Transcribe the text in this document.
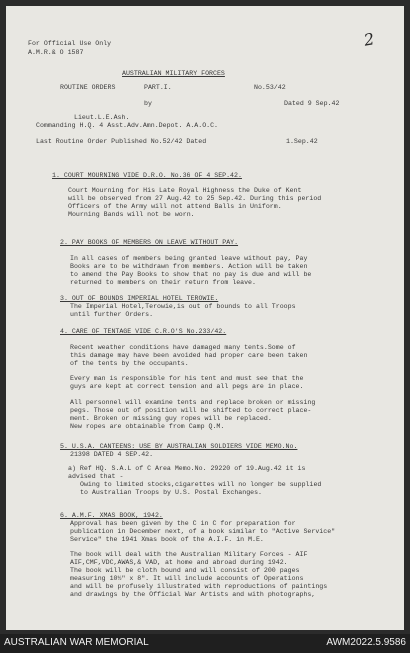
2
For Official Use Only
A.M.R.& O 1587
AUSTRALIAN MILITARY FORCES
ROUTINE ORDERS	PART.I.	No.53/42
by	Dated 9 Sep.42
Lieut.L.E.Ash.
Commanding H.Q. 4 Asst.Adv.Amn.Depot. A.A.O.C.
Last Routine Order Published No.52/42 Dated	1.Sep.42
1. COURT MOURNING VIDE D.R.O. No.36 OF 4 SEP.42.
Court Mourning for His Late Royal Highness the Duke of Kent
will be observed from 27 Aug.42 to 25 Sep.42. During this period
Officers of the Army will not attend Balls in Uniform.
Mourning Bands will not be worn.
2. PAY BOOKS OF MEMBERS ON LEAVE WITHOUT PAY.
In all cases of members being granted leave without pay, Pay
Books are to be withdrawn from members. Action will be taken
to amend the Pay Books to show that no pay is due and will be
returned to members on their return from leave.
3. OUT OF BOUNDS IMPERIAL HOTEL TEROWIE.
The Imperial Hotel,Terowie,is out of bounds to all Troops
until further Orders.
4. CARE OF TENTAGE VIDE C.R.O'S No.233/42.
Recent weather conditions have damaged many tents.Some of
this damage may have been avoided had proper care been taken
of the tents by the occupants.
Every man is responsible for his tent and must see that the
guys are kept at correct tension and all pegs are in place.
All personnel will examine tents and replace broken or missing
pegs. Those out of position will be shifted to correct place-
ment. Broken or missing guy ropes will be replaced.
New ropes are obtainable from Camp Q.M.
5. U.S.A. CANTEENS: USE BY AUSTRALIAN SOLDIERS VIDE MEMO.No.
21398 DATED 4 SEP.42.
a) Ref HQ. S.A.L of C Area Memo.No. 29220 of 19.Aug.42 it is
advised that -
Owing to limited stocks,cigarettes will no longer be supplied
to Australian Troops by U.S. Postal Exchanges.
6. A.M.F. XMAS BOOK, 1942.
Approval has been given by the C in C for preparation for
publication in December next, of a book similar to "Active Service"
Service" the 1941 Xmas book of the A.I.F. in M.E.
The book will deal with the Australian Military Forces - AIF
AIF,CMF,VDC,AWAS,& VAD, at home and abroad during 1942.
The book will be cloth bound and will consist of 200 pages
measuring 10½" x 8". It will include accounts of Operations
and will be profusely illustrated with reproductions of paintings
and drawings by the Official War Artists and with photographs,
AUSTRALIAN WAR MEMORIAL	AWM2022.5.9586
